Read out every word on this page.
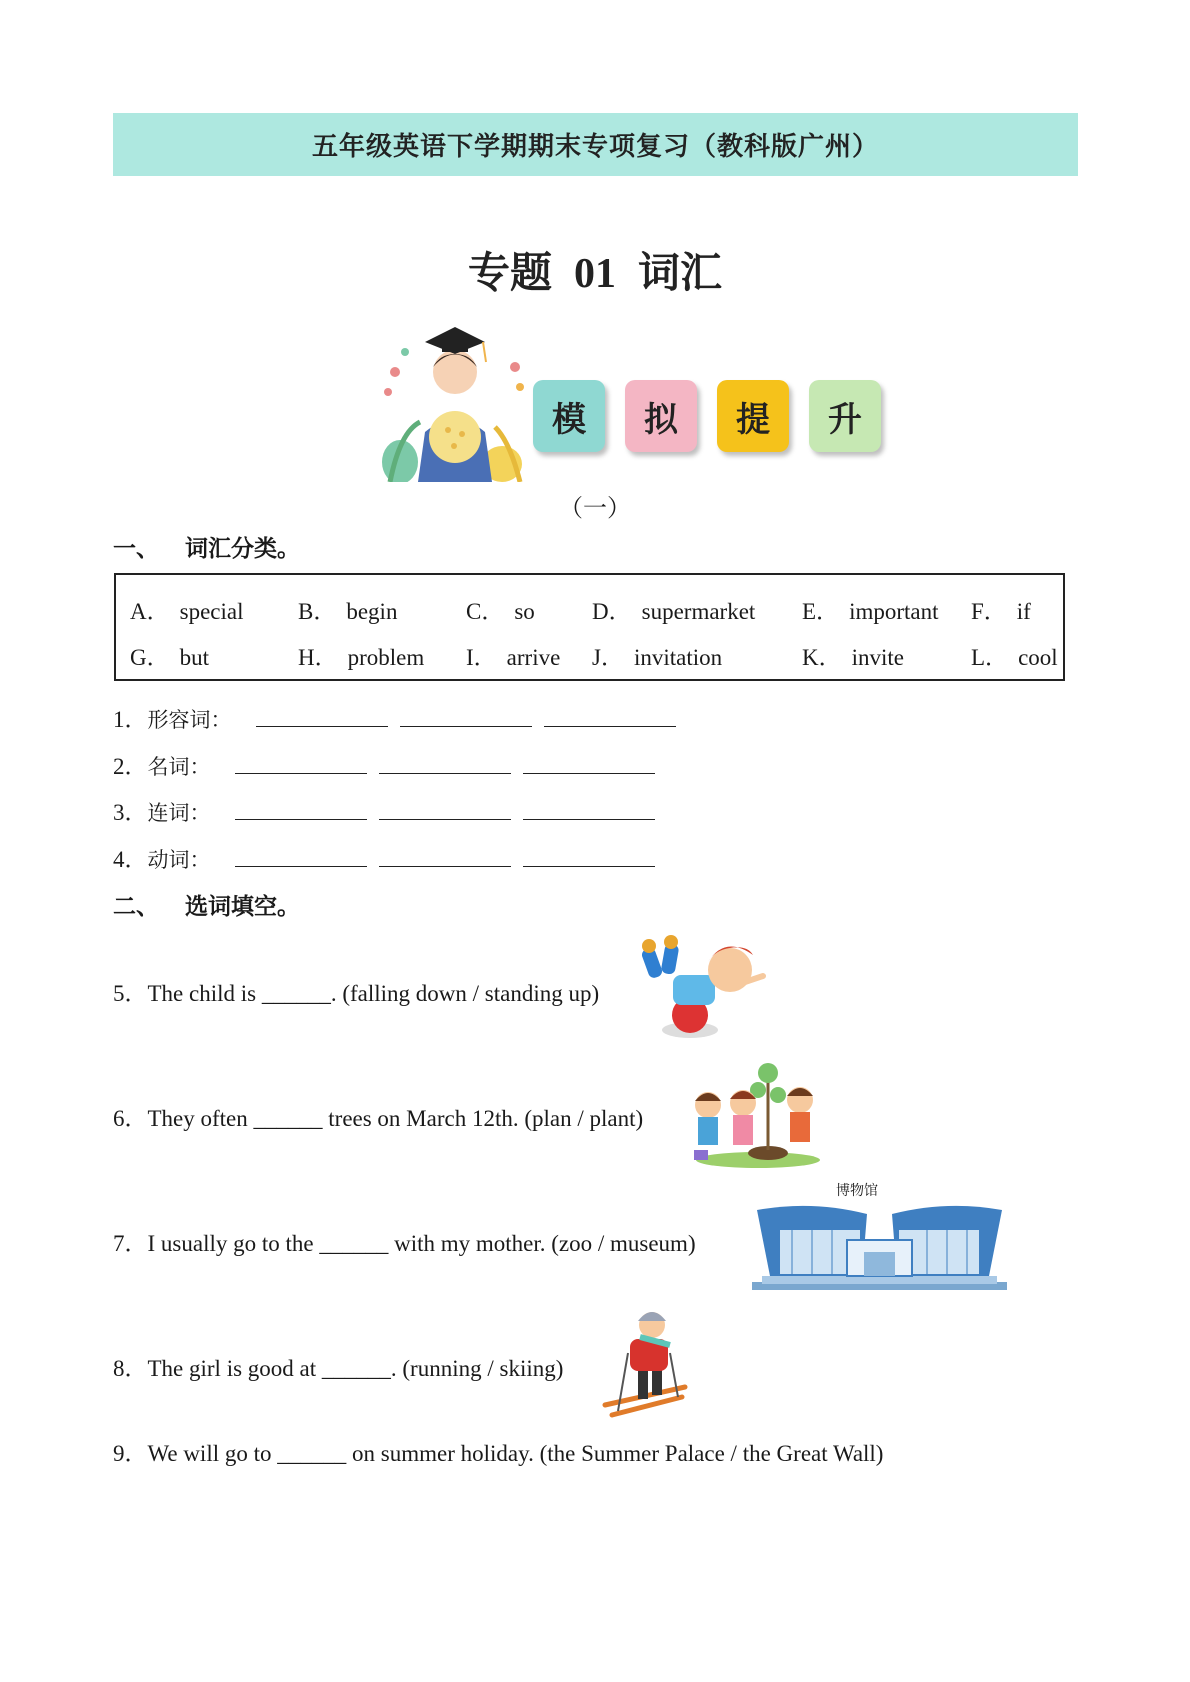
五年级英语下学期期末专项复习（教科版广州）
专题 01 词汇
模	拟	提	升
（一）
一、 词汇分类。
A． special B． begin	C． so D． supermarket E． important F． if
G． but	H． problem I． arrive J． invitation	K． invite	L． cool
1．形容词：
2．名词：
3．连词：
4．动词：
二、 选词填空。
5．The child is ______. (falling down / standing up)
6．They often ______ trees on March 12th. (plan / plant)
7．I usually go to the ______ with my mother. (zoo / museum)
8．The girl is good at ______. (running / skiing)
9．We will go to ______ on summer holiday. (the Summer Palace / the Great Wall)
博物馆
